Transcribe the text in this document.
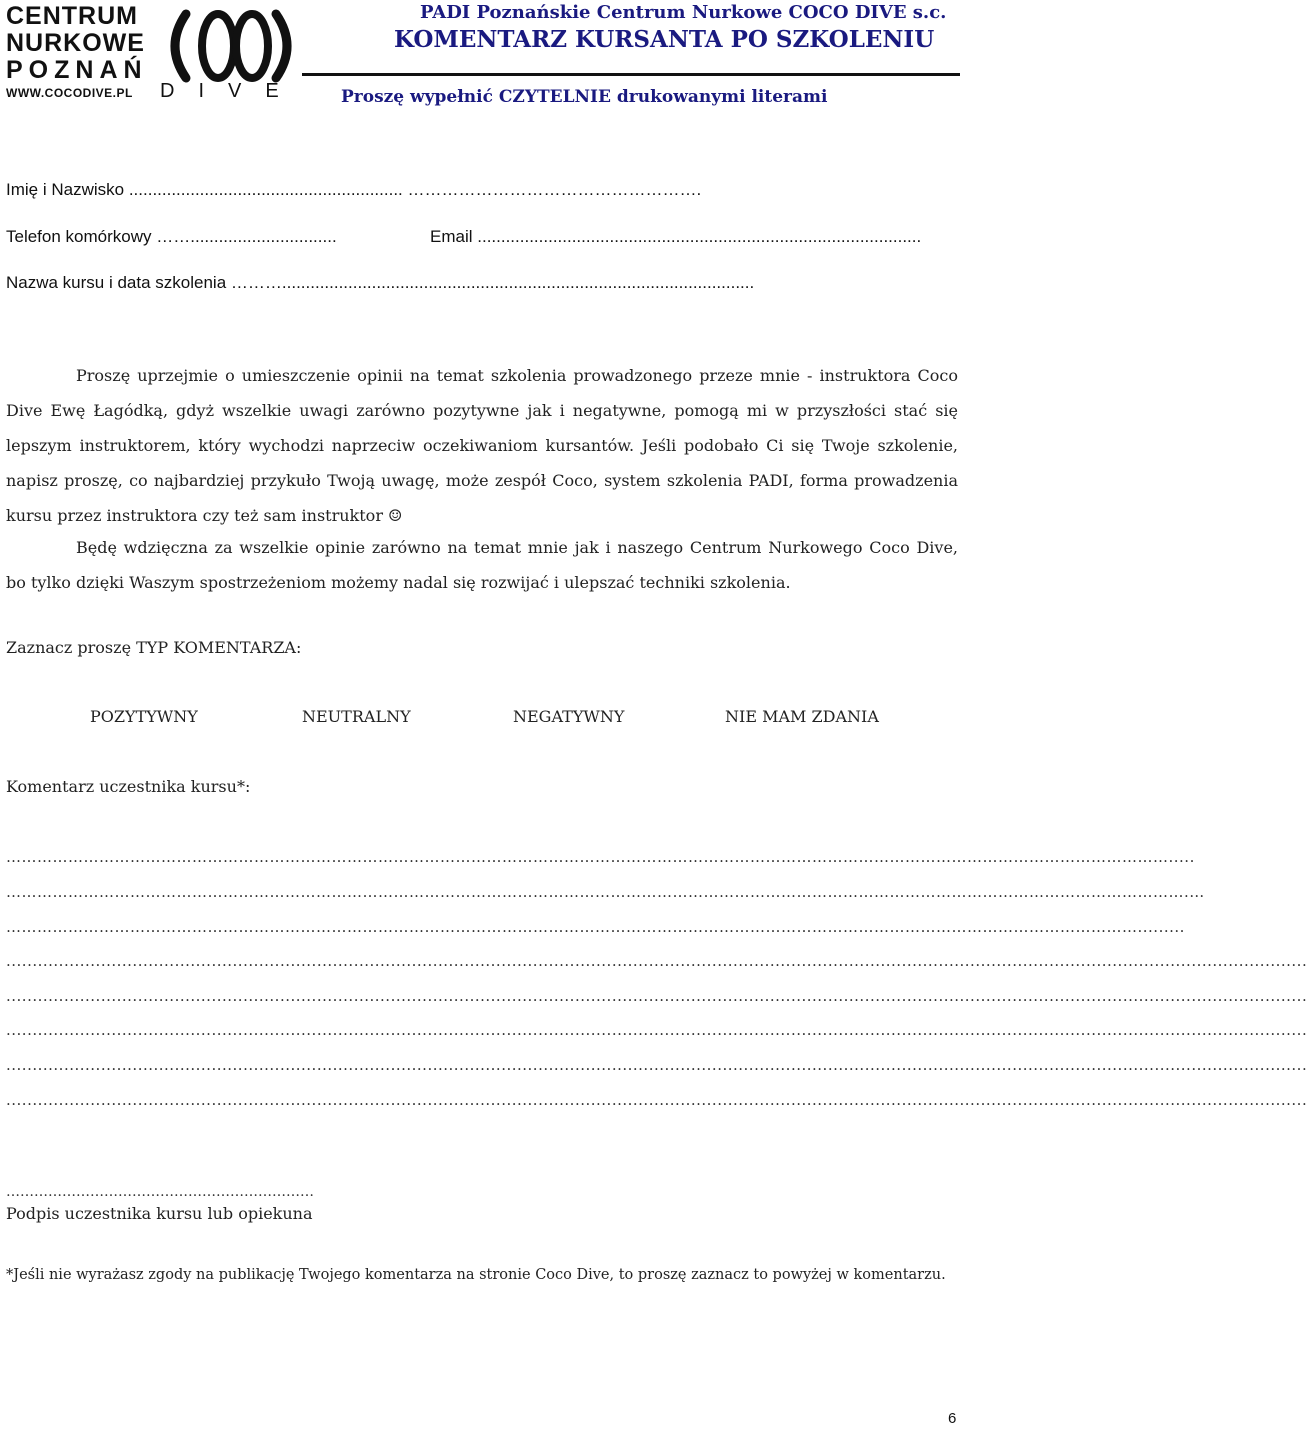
CENTRUM
NURKOWE
POZNAŃ
WWW.COCODIVE.PL DIVE
PADI Poznańskie Centrum Nurkowe COCO DIVE s.c.
KOMENTARZ KURSANTA PO SZKOLENIU
Proszę wypełnić CZYTELNIE drukowanymi literami
Imię i Nazwisko .......................................................... …………………………………………….
Telefon komórkowy ……...............................	Email ..............................................................................................
Nazwa kursu i data szkolenia ………....................................................................................................
Proszę uprzejmie o umieszczenie opinii na temat szkolenia prowadzonego przeze mnie - instruktora Coco Dive Ewę Łagódką, gdyż wszelkie uwagi zarówno pozytywne jak i negatywne, pomogą mi w przyszłości stać się lepszym instruktorem, który wychodzi naprzeciw oczekiwaniom kursantów. Jeśli podobało Ci się Twoje szkolenie, napisz proszę, co najbardziej przykuło Twoją uwagę, może zespół Coco, system szkolenia PADI, forma prowadzenia kursu przez instruktora czy też sam instruktor ☺
Będę wdzięczna za wszelkie opinie zarówno na temat mnie jak i naszego Centrum Nurkowego Coco Dive, bo tylko dzięki Waszym spostrzeżeniom możemy nadal się rozwijać i ulepszać techniki szkolenia.
Zaznacz proszę TYP KOMENTARZA:
POZYTYWNY	NEUTRALNY	NEGATYWNY	NIE MAM ZDANIA
Komentarz uczestnika kursu*:
……………………………………………………………………………………………………………………………………………………………………………………………………….....
………………………………………………………………………………………………………………………………………………………………………………………………………….…
………………………………………………………………………………………………………………………………………………………………………………………………….........
.......................................................................................................................................................................................................................................................
.......................................................................................................................................................................................................................................................
.......................................................................................................................................................................................................................................................
.......................................................................................................................................................................................................................................................
.......................................................................................................................................................................................................................................................
…………………………………………………………
Podpis uczestnika kursu lub opiekuna
*Jeśli nie wyrażasz zgody na publikację Twojego komentarza na stronie Coco Dive, to proszę zaznacz to powyżej w komentarzu.
6
